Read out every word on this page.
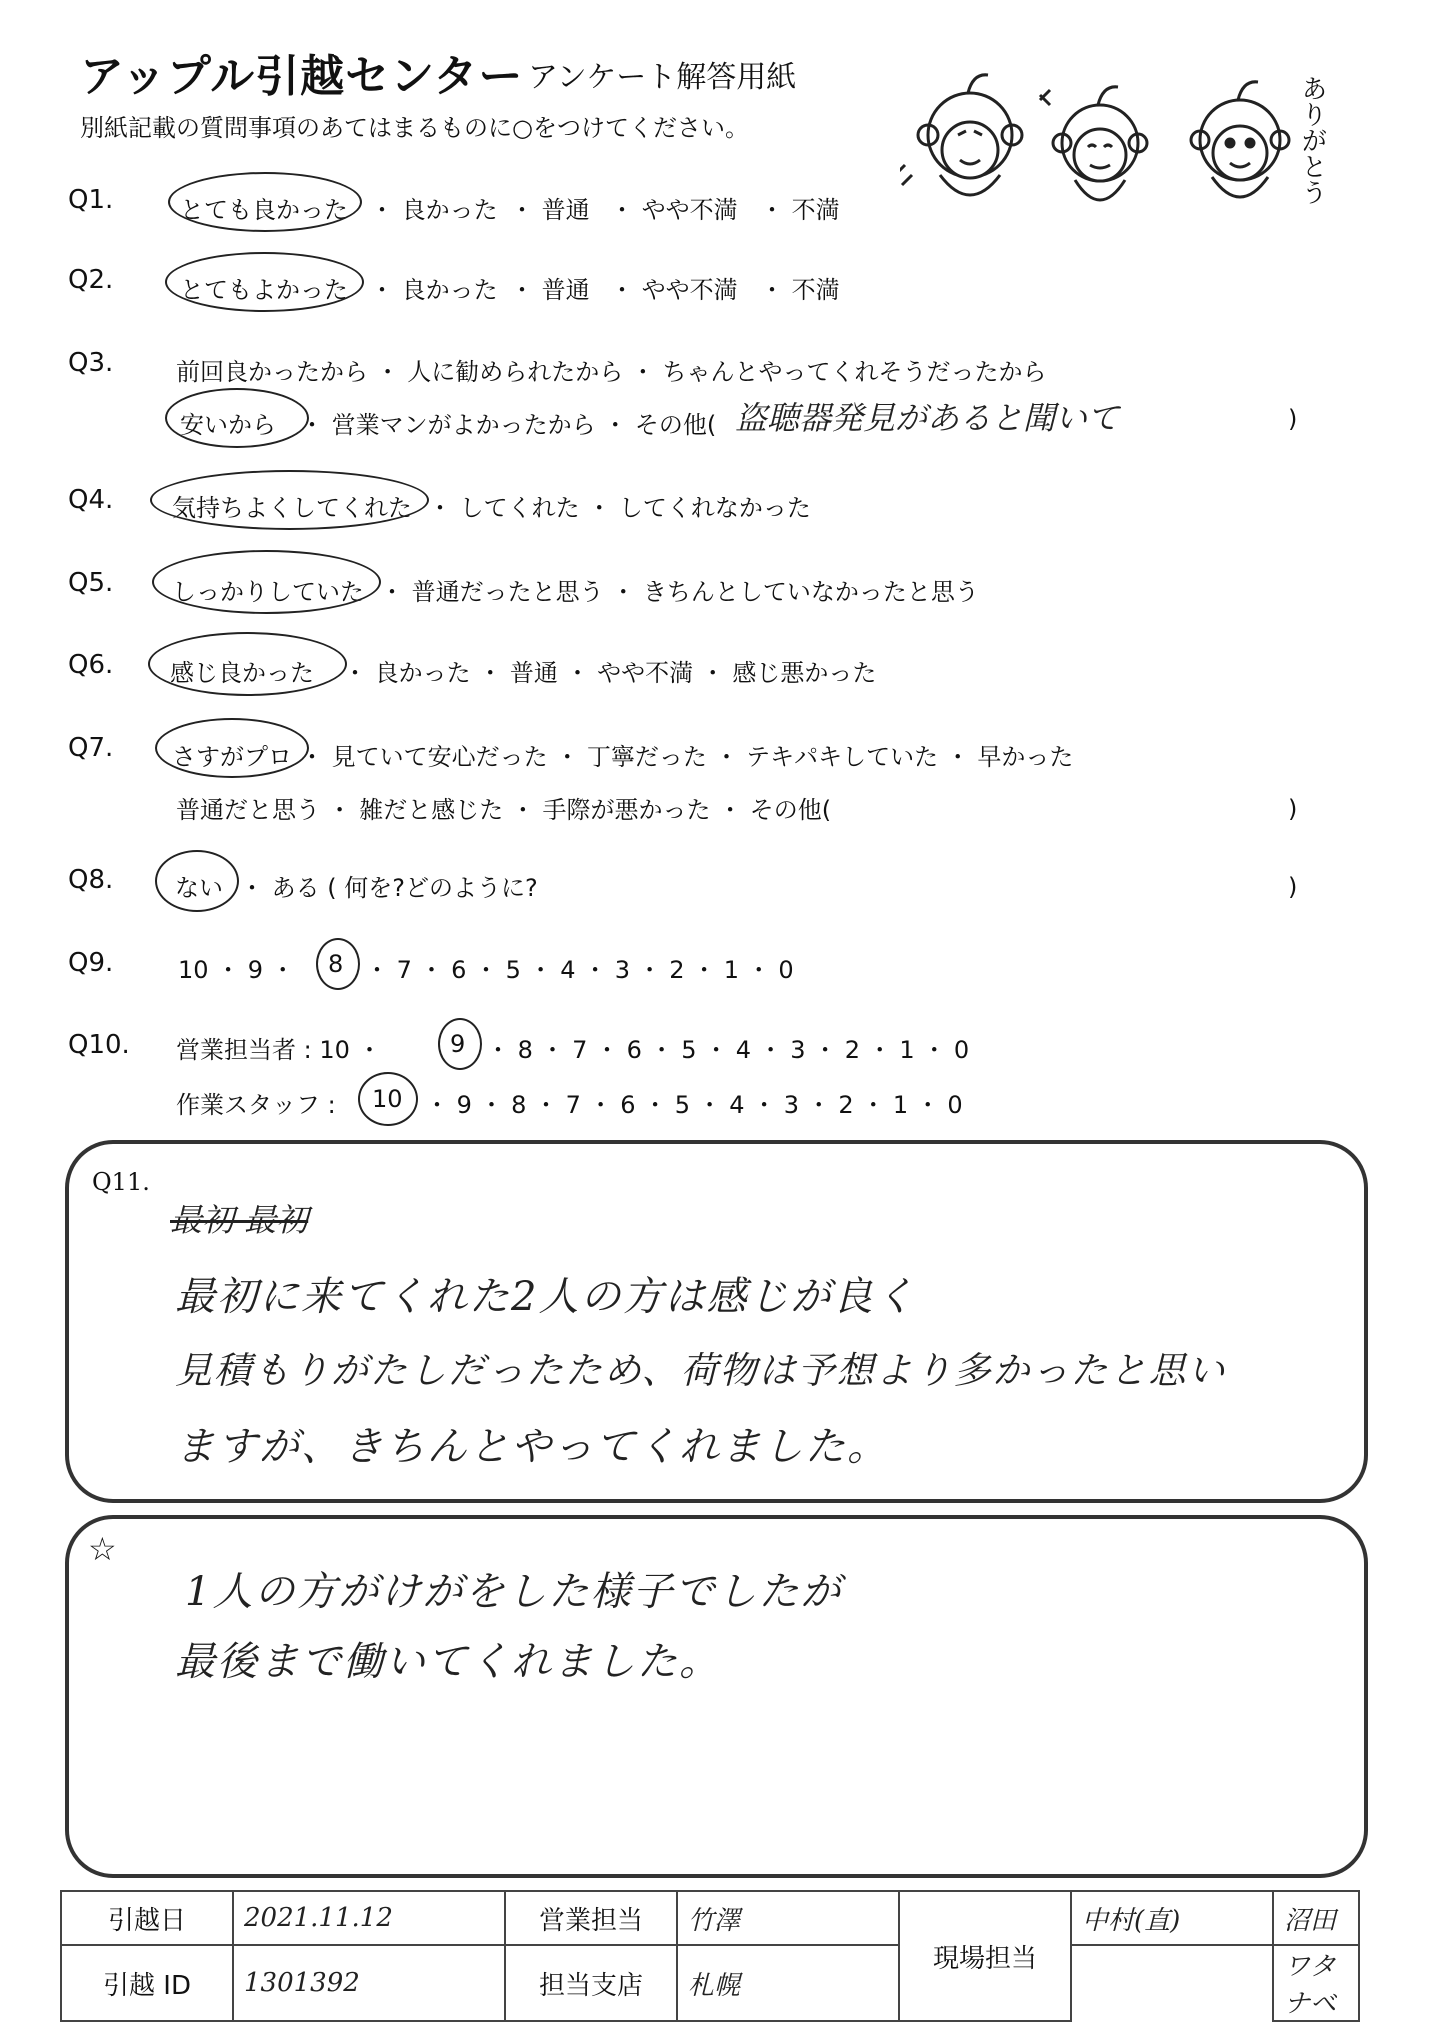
アップル引越センター アンケート解答用紙
別紙記載の質問事項のあてはまるものに○をつけてください。	ありがとう
Q1.	とても良かった ・ 良かった ・ 普通 ・ やや不満 ・ 不満
Q2.	とてもよかった ・ 良かった ・ 普通 ・ やや不満 ・ 不満
Q3.	前回良かったから ・ 人に勧められたから ・ ちゃんとやってくれそうだったから
安いから ・ 営業マンがよかったから ・ その他( 盗聴器発見があると聞いて	)
Q4. 気持ちよくしてくれた ・ してくれた ・ してくれなかった
Q5. しっかりしていた ・ 普通だったと思う ・ きちんとしていなかったと思う
Q6. 感じ良かった ・ 良かった ・ 普通 ・ やや不満 ・ 感じ悪かった
Q7. さすがプロ ・ 見ていて安心だった ・ 丁寧だった ・ テキパキしていた ・ 早かった
普通だと思う ・ 雑だと感じた ・ 手際が悪かった ・ その他(	)
Q8.	ない ・ ある ( 何を?どのように?	)
Q9.	10 ・ 9 ・ 8 ・ 7 ・ 6 ・ 5 ・ 4 ・ 3 ・ 2 ・ 1 ・ 0
Q10. 営業担当者 : 10 ・	9 ・ 8 ・ 7 ・ 6 ・ 5 ・ 4 ・ 3 ・ 2 ・ 1 ・ 0
作業スタッフ : 10 ・ 9 ・ 8 ・ 7 ・ 6 ・ 5 ・ 4 ・ 3 ・ 2 ・ 1 ・ 0
Q11.
最初 最初
最初に来てくれた2人の方は感じが良く
見積もりがたしだったため、荷物は予想より多かったと思い
ますが、きちんとやってくれました。
☆
1人の方がけがをした様子でしたが
最後まで働いてくれました。
引越日	2021.11.12	営業担当	竹澤	現場担当	中村(直)	沼田
引越 ID	1301392	担当支店	札幌			ワタナベ
